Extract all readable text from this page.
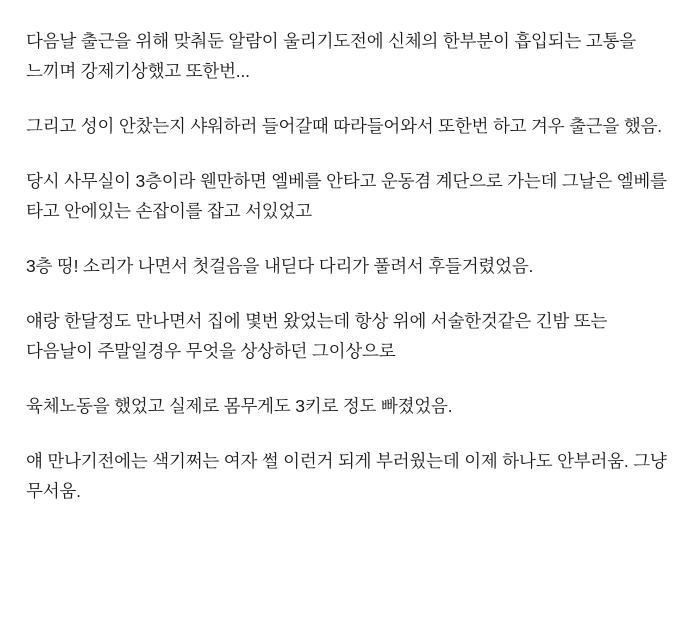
다음날 출근을 위해 맞춰둔 알람이 울리기도전에 신체의 한부분이 흡입되는 고통을 느끼며 강제기상했고 또한번...

그리고 성이 안찼는지 샤워하러 들어갈때 따라들어와서 또한번 하고 겨우 출근을 했음.

당시 사무실이 3층이라 웬만하면 엘베를 안타고 운동겸 계단으로 가는데 그날은 엘베를 타고 안에있는 손잡이를 잡고 서있었고

3층 띵! 소리가 나면서 첫걸음을 내딛다 다리가 풀려서 후들거렸었음.

얘랑 한달정도 만나면서 집에 몇번 왔었는데 항상 위에 서술한것같은 긴밤 또는 다음날이 주말일경우 무엇을 상상하던 그이상으로

육체노동을 했었고 실제로 몸무게도 3키로 정도 빠졌었음.

얘 만나기전에는 색기쩌는 여자 썰 이런거 되게 부러웠는데 이제 하나도 안부러움. 그냥 무서움.
